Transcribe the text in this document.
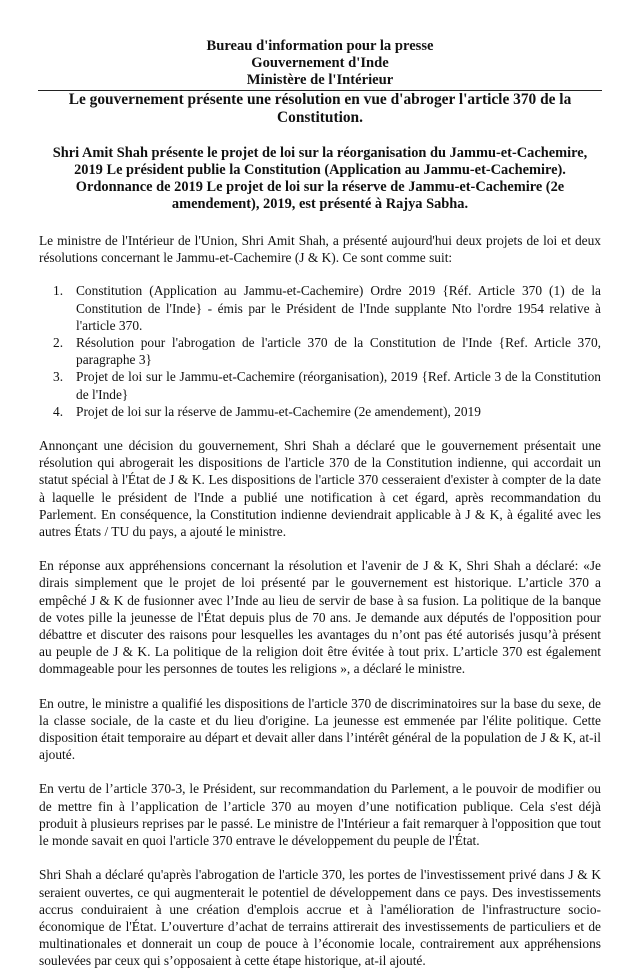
Bureau d'information pour la presse
Gouvernement d'Inde
Ministère de l'Intérieur
Le gouvernement présente une résolution en vue d'abroger l'article 370 de la Constitution.
Shri Amit Shah présente le projet de loi sur la réorganisation du Jammu-et-Cachemire, 2019 Le président publie la Constitution (Application au Jammu-et-Cachemire). Ordonnance de 2019 Le projet de loi sur la réserve de Jammu-et-Cachemire (2e amendement), 2019, est présenté à Rajya Sabha.

Le ministre de l'Intérieur de l'Union, Shri Amit Shah, a présenté aujourd'hui deux projets de loi et deux résolutions concernant le Jammu-et-Cachemire (J & K). Ce sont comme suit:

1. Constitution (Application au Jammu-et-Cachemire) Ordre 2019 {Réf. Article 370 (1) de la Constitution de l'Inde} - émis par le Président de l'Inde supplante Nto l'ordre 1954 relative à l'article 370.
2. Résolution pour l'abrogation de l'article 370 de la Constitution de l'Inde {Ref. Article 370, paragraphe 3}
3. Projet de loi sur le Jammu-et-Cachemire (réorganisation), 2019 {Ref. Article 3 de la Constitution de l'Inde}
4. Projet de loi sur la réserve de Jammu-et-Cachemire (2e amendement), 2019

Annonçant une décision du gouvernement, Shri Shah a déclaré que le gouvernement présentait une résolution qui abrogerait les dispositions de l'article 370 de la Constitution indienne, qui accordait un statut spécial à l'État de J & K. Les dispositions de l'article 370 cesseraient d'exister à compter de la date à laquelle le président de l'Inde a publié une notification à cet égard, après recommandation du Parlement. En conséquence, la Constitution indienne deviendrait applicable à J & K, à égalité avec les autres États / TU du pays, a ajouté le ministre.

En réponse aux appréhensions concernant la résolution et l'avenir de J & K, Shri Shah a déclaré: «Je dirais simplement que le projet de loi présenté par le gouvernement est historique. L’article 370 a empêché J & K de fusionner avec l’Inde au lieu de servir de base à sa fusion. La politique de la banque de votes pille la jeunesse de l'État depuis plus de 70 ans. Je demande aux députés de l'opposition pour débattre et discuter des raisons pour lesquelles les avantages du n’ont pas été autorisés jusqu’à présent au peuple de J & K. La politique de la religion doit être évitée à tout prix. L’article 370 est également dommageable pour les personnes de toutes les religions », a déclaré le ministre.

En outre, le ministre a qualifié les dispositions de l'article 370 de discriminatoires sur la base du sexe, de la classe sociale, de la caste et du lieu d'origine. La jeunesse est emmenée par l'élite politique. Cette disposition était temporaire au départ et devait aller dans l’intérêt général de la population de J & K, at-il ajouté.

En vertu de l’article 370-3, le Président, sur recommandation du Parlement, a le pouvoir de modifier ou de mettre fin à l’application de l’article 370 au moyen d’une notification publique. Cela s'est déjà produit à plusieurs reprises par le passé. Le ministre de l'Intérieur a fait remarquer à l'opposition que tout le monde savait en quoi l'article 370 entrave le développement du peuple de l'État.

Shri Shah a déclaré qu'après l'abrogation de l'article 370, les portes de l'investissement privé dans J & K seraient ouvertes, ce qui augmenterait le potentiel de développement dans ce pays. Des investissements accrus conduiraient à une création d'emplois accrue et à l'amélioration de l'infrastructure socio-économique de l'État. L’ouverture d’achat de terrains attirerait des investissements de particuliers et de multinationales et donnerait un coup de pouce à l’économie locale, contrairement aux appréhensions soulevées par ceux qui s’opposaient à cette étape historique, at-il ajouté.
